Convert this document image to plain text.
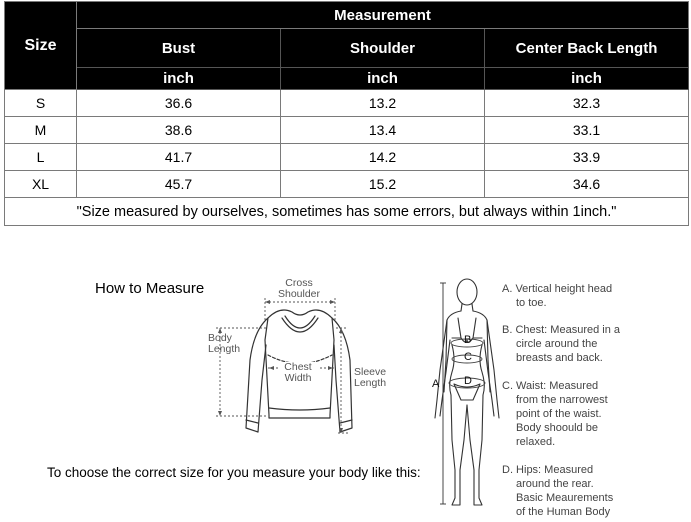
Size	Measurement		
	Bust	Shoulder	Center Back Length
	inch	inch	inch
S	36.6	13.2	32.3
M	38.6	13.4	33.1
L	41.7	14.2	33.9
XL	45.7	15.2	34.6
"Size measured by ourselves, sometimes has some errors, but always within 1inch."			
How to Measure	Cross
Shoulder
Body
Length
Chest
Width	Sleeve
Length
To choose the correct size for you measure your body like this:
A
B
C
D
A. Vertical height head
to toe.
B. Chest: Measured in a
circle around the
breasts and back.
C. Waist: Measured
from the narrowest
point of the waist.
Body shoould be
relaxed.
D. Hips: Measured
around the rear.
Basic Meaurements
of the Human Body
